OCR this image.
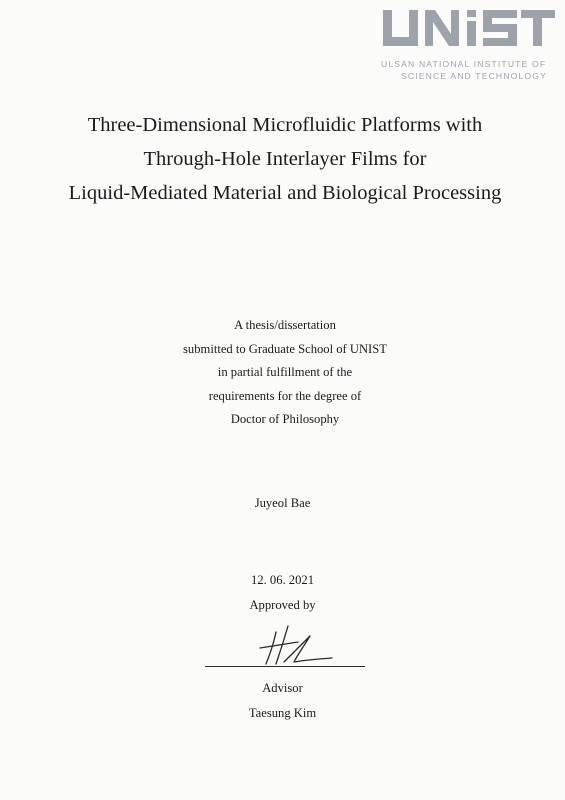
ULSAN NATIONAL INSTITUTE OF
SCIENCE AND TECHNOLOGY
Three-Dimensional Microfluidic Platforms with
Through-Hole Interlayer Films for
Liquid-Mediated Material and Biological Processing
A thesis/dissertation
submitted to Graduate School of UNIST
in partial fulfillment of the
requirements for the degree of
Doctor of Philosophy
Juyeol Bae
12. 06. 2021
Approved by
Advisor
Taesung Kim
